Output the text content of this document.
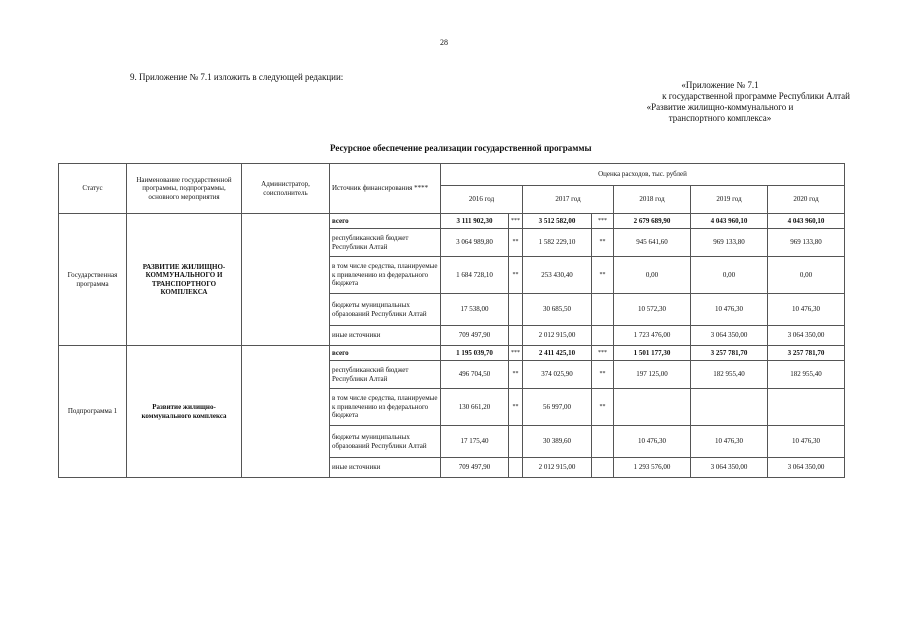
28
9. Приложение № 7.1 изложить в следующей редакции:
«Приложение № 7.1
к государственной программе Республики Алтай
«Развитие жилищно-коммунального и
транспортного комплекса»
Ресурсное обеспечение реализации государственной программы
Статус	Наименование государственной программы, подпрограммы, основного мероприятия	Администратор, соисполнитель	Источник финансирования ****	Оценка расходов, тыс. рублей						
				2016 год		2017 год		2018 год	2019 год	2020 год
Государственная программа	РАЗВИТИЕ ЖИЛИЩНО-КОММУНАЛЬНОГО И ТРАНСПОРТНОГО КОМПЛЕКСА		всего	3 111 902,30	***	3 512 582,00	***	2 679 689,90	4 043 960,10	4 043 960,10
			республиканский бюджет Республики Алтай	3 064 989,80	**	1 582 229,10	**	945 641,60	969 133,80	969 133,80
			в том числе средства, планируемые к привлечению из федерального бюджета	1 684 728,10	**	253 430,40	**	0,00	0,00	0,00
			бюджеты муниципальных образований Республики Алтай	17 538,00		30 685,50		10 572,30	10 476,30	10 476,30
			иные источники	709 497,90		2 012 915,00		1 723 476,00	3 064 350,00	3 064 350,00
Подпрограмма 1	Развитие жилищно-коммунального комплекса		всего	1 195 039,70	***	2 411 425,10	***	1 501 177,30	3 257 781,70	3 257 781,70
			республиканский бюджет Республики Алтай	496 704,50	**	374 025,90	**	197 125,00	182 955,40	182 955,40
			в том числе средства, планируемые к привлечению из федерального бюджета	130 661,20	**	56 997,00	**			
			бюджеты муниципальных образований Республики Алтай	17 175,40		30 389,60		10 476,30	10 476,30	10 476,30
			иные источники	709 497,90		2 012 915,00		1 293 576,00	3 064 350,00	3 064 350,00
